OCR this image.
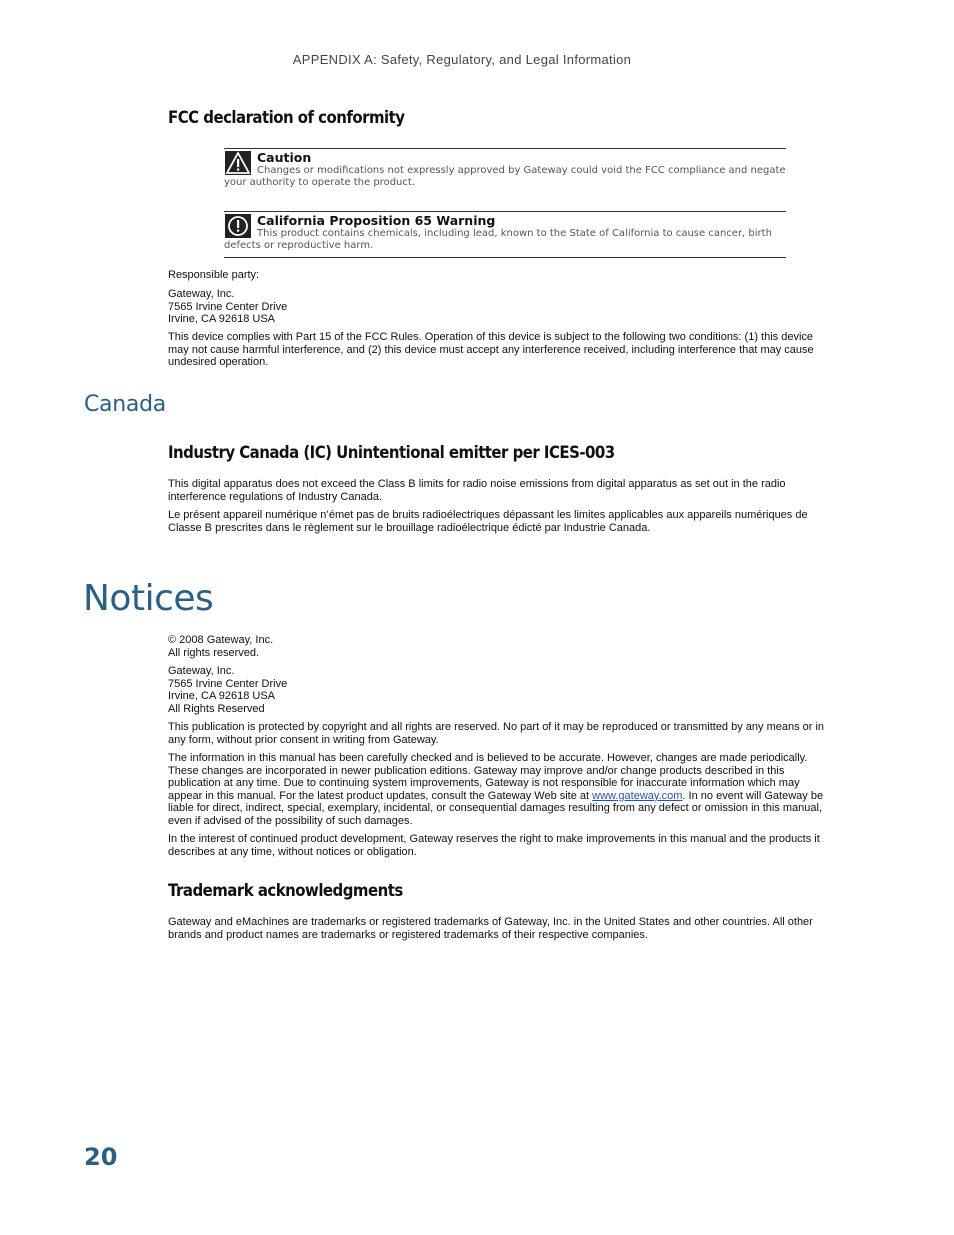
APPENDIX A: Safety, Regulatory, and Legal Information
FCC declaration of conformity
Caution
Changes or modifications not expressly approved by Gateway could void the FCC compliance and negate your authority to operate the product.
California Proposition 65 Warning
This product contains chemicals, including lead, known to the State of California to cause cancer, birth defects or reproductive harm.
Responsible party:
Gateway, Inc.
7565 Irvine Center Drive
Irvine, CA 92618 USA
This device complies with Part 15 of the FCC Rules. Operation of this device is subject to the following two conditions: (1) this device may not cause harmful interference, and (2) this device must accept any interference received, including interference that may cause undesired operation.
Canada
Industry Canada (IC) Unintentional emitter per ICES-003
This digital apparatus does not exceed the Class B limits for radio noise emissions from digital apparatus as set out in the radio interference regulations of Industry Canada.
Le présent appareil numérique n’émet pas de bruits radioélectriques dépassant les limites applicables aux appareils numériques de Classe B prescrites dans le règlement sur le brouillage radioélectrique édicté par Industrie Canada.
Notices
© 2008 Gateway, Inc.
All rights reserved.
Gateway, Inc.
7565 Irvine Center Drive
Irvine, CA 92618 USA
All Rights Reserved
This publication is protected by copyright and all rights are reserved. No part of it may be reproduced or transmitted by any means or in any form, without prior consent in writing from Gateway.
The information in this manual has been carefully checked and is believed to be accurate. However, changes are made periodically. These changes are incorporated in newer publication editions. Gateway may improve and/or change products described in this publication at any time. Due to continuing system improvements, Gateway is not responsible for inaccurate information which may appear in this manual. For the latest product updates, consult the Gateway Web site at www.gateway.com. In no event will Gateway be liable for direct, indirect, special, exemplary, incidental, or consequential damages resulting from any defect or omission in this manual, even if advised of the possibility of such damages.
In the interest of continued product development, Gateway reserves the right to make improvements in this manual and the products it describes at any time, without notices or obligation.
Trademark acknowledgments
Gateway and eMachines are trademarks or registered trademarks of Gateway, Inc. in the United States and other countries. All other brands and product names are trademarks or registered trademarks of their respective companies.
20
